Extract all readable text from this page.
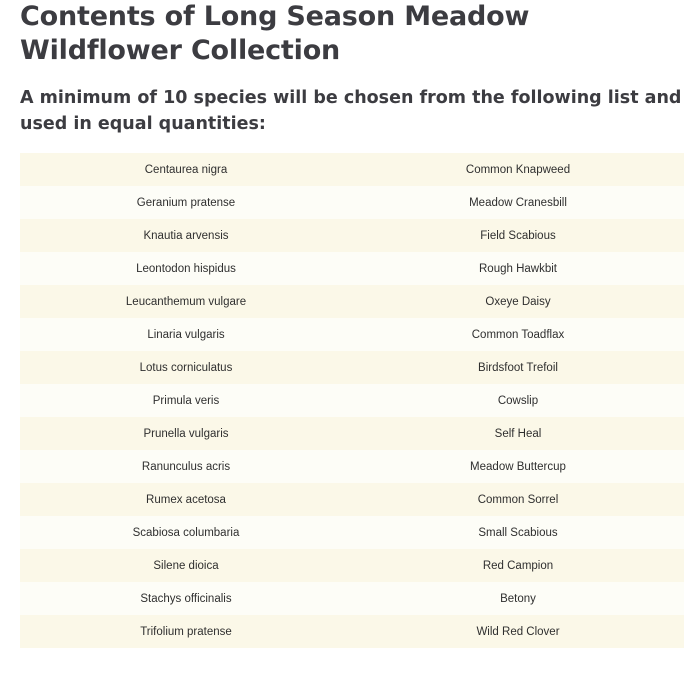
Contents of Long Season Meadow Wildflower Collection

A minimum of 10 species will be chosen from the following list and used in equal quantities:

Centaurea nigra	Common Knapweed
Geranium pratense	Meadow Cranesbill
Knautia arvensis	Field Scabious
Leontodon hispidus	Rough Hawkbit
Leucanthemum vulgare	Oxeye Daisy
Linaria vulgaris	Common Toadflax
Lotus corniculatus	Birdsfoot Trefoil
Primula veris	Cowslip
Prunella vulgaris	Self Heal
Ranunculus acris	Meadow Buttercup
Rumex acetosa	Common Sorrel
Scabiosa columbaria	Small Scabious
Silene dioica	Red Campion
Stachys officinalis	Betony
Trifolium pratense	Wild Red Clover
